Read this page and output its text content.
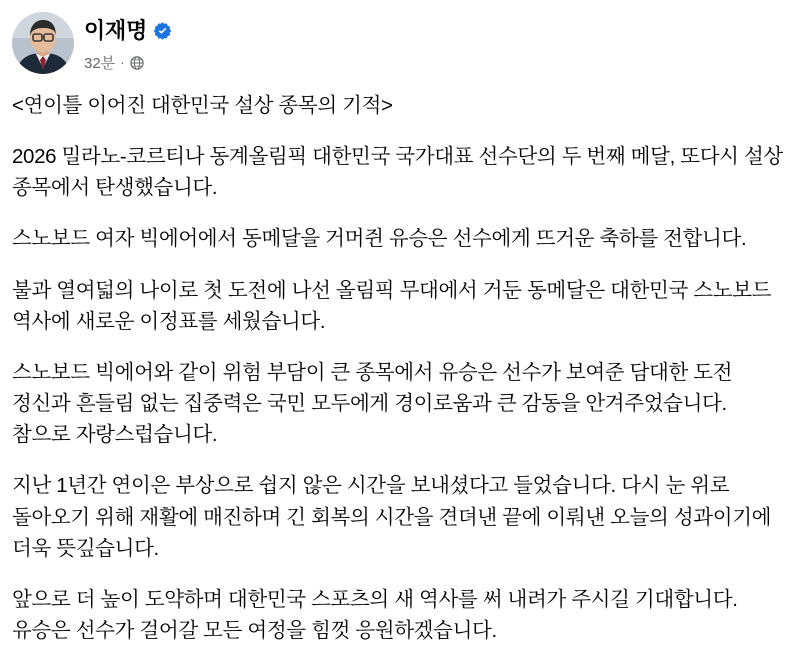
이재명
32분 ·

<연이틀 이어진 대한민국 설상 종목의 기적>

2026 밀라노-코르티나 동계올림픽 대한민국 국가대표 선수단의 두 번째 메달, 또다시 설상 종목에서 탄생했습니다.

스노보드 여자 빅에어에서 동메달을 거머쥔 유승은 선수에게 뜨거운 축하를 전합니다.

불과 열여덟의 나이로 첫 도전에 나선 올림픽 무대에서 거둔 동메달은 대한민국 스노보드 역사에 새로운 이정표를 세웠습니다.

스노보드 빅에어와 같이 위험 부담이 큰 종목에서 유승은 선수가 보여준 담대한 도전 정신과 흔들림 없는 집중력은 국민 모두에게 경이로움과 큰 감동을 안겨주었습니다. 참으로 자랑스럽습니다.

지난 1년간 연이은 부상으로 쉽지 않은 시간을 보내셨다고 들었습니다. 다시 눈 위로 돌아오기 위해 재활에 매진하며 긴 회복의 시간을 견뎌낸 끝에 이뤄낸 오늘의 성과이기에 더욱 뜻깊습니다.

앞으로 더 높이 도약하며 대한민국 스포츠의 새 역사를 써 내려가 주시길 기대합니다. 유승은 선수가 걸어갈 모든 여정을 힘껏 응원하겠습니다.
